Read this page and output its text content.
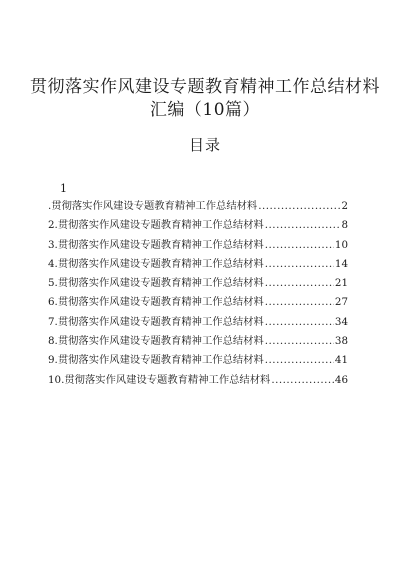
贯彻落实作风建设专题教育精神工作总结材料
汇编（10篇）
目录
1
.贯彻落实作风建设专题教育精神工作总结材料 .....	2
2.贯彻落实作风建设专题教育精神工作总结材料 .....	8
3.贯彻落实作风建设专题教育精神工作总结材料 .....	10
4.贯彻落实作风建设专题教育精神工作总结材料 .....	14
5.贯彻落实作风建设专题教育精神工作总结材料 .....	21
6.贯彻落实作风建设专题教育精神工作总结材料 .....	27
7.贯彻落实作风建设专题教育精神工作总结材料 .....	34
8.贯彻落实作风建设专题教育精神工作总结材料 .....	38
9.贯彻落实作风建设专题教育精神工作总结材料 .....	41
10.贯彻落实作风建设专题教育精神工作总结材料 .....	46
